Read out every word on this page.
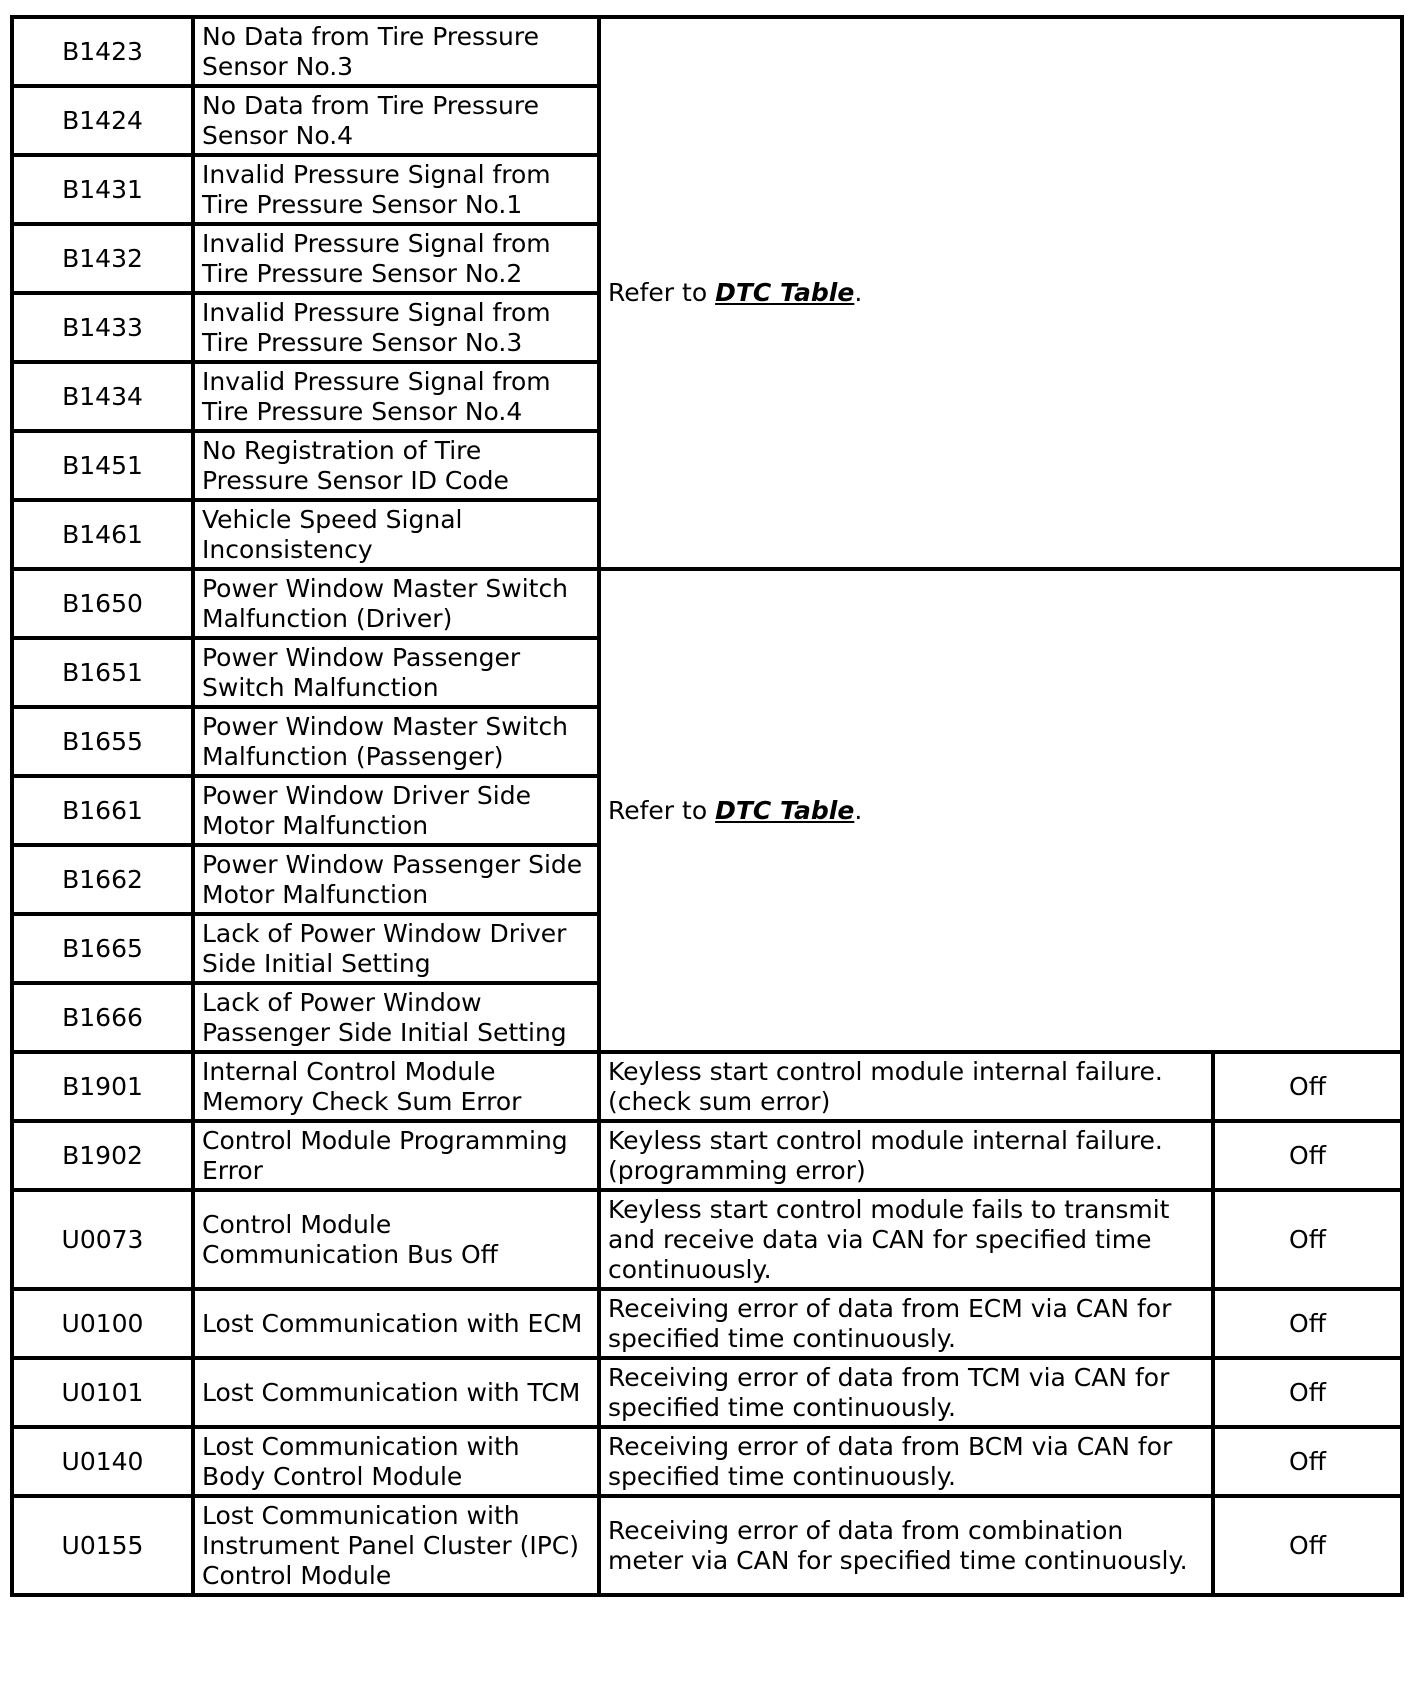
B1423	No Data from Tire Pressure Sensor No.3	Refer to DTC Table.	
B1424	No Data from Tire Pressure Sensor No.4		
B1431	Invalid Pressure Signal from Tire Pressure Sensor No.1		
B1432	Invalid Pressure Signal from Tire Pressure Sensor No.2		
B1433	Invalid Pressure Signal from Tire Pressure Sensor No.3		
B1434	Invalid Pressure Signal from Tire Pressure Sensor No.4		
B1451	No Registration of Tire Pressure Sensor ID Code		
B1461	Vehicle Speed Signal Inconsistency		
B1650	Power Window Master Switch Malfunction (Driver)	Refer to DTC Table.	
B1651	Power Window Passenger Switch Malfunction		
B1655	Power Window Master Switch Malfunction (Passenger)		
B1661	Power Window Driver Side Motor Malfunction		
B1662	Power Window Passenger Side Motor Malfunction		
B1665	Lack of Power Window Driver Side Initial Setting		
B1666	Lack of Power Window Passenger Side Initial Setting		
B1901	Internal Control Module Memory Check Sum Error	Keyless start control module internal failure. (check sum error)	Off
B1902	Control Module Programming Error	Keyless start control module internal failure. (programming error)	Off
U0073	Control Module Communication Bus Off	Keyless start control module fails to transmit and receive data via CAN for specified time continuously.	Off
U0100	Lost Communication with ECM	Receiving error of data from ECM via CAN for specified time continuously.	Off
U0101	Lost Communication with TCM	Receiving error of data from TCM via CAN for specified time continuously.	Off
U0140	Lost Communication with Body Control Module	Receiving error of data from BCM via CAN for specified time continuously.	Off
U0155	Lost Communication with Instrument Panel Cluster (IPC) Control Module	Receiving error of data from combination meter via CAN for specified time continuously.	Off
